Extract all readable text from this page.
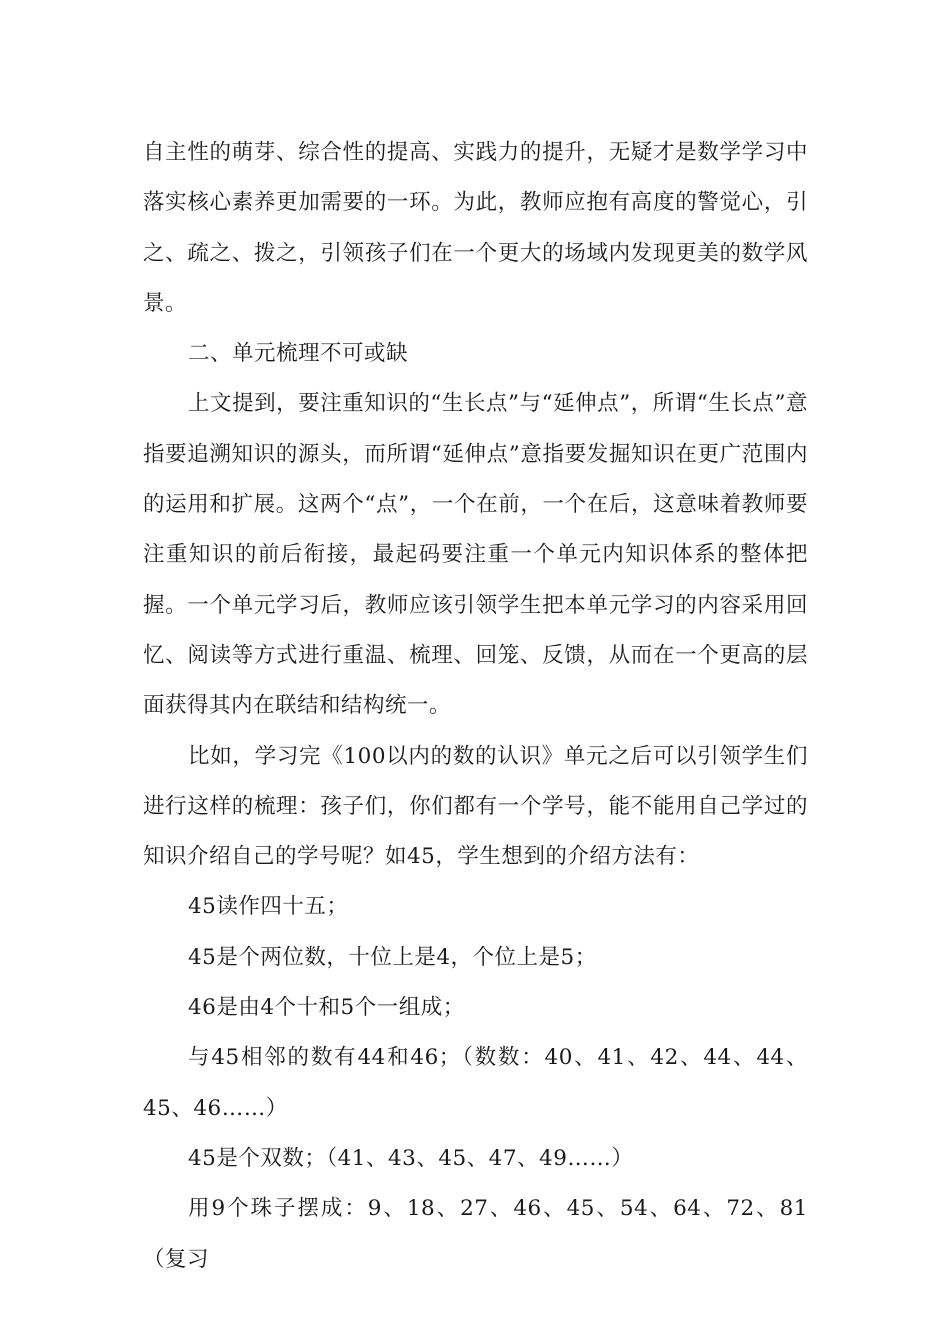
自主性的萌芽、综合性的提高、实践力的提升，无疑才是数学学习中落实核心素养更加需要的一环。为此，教师应抱有高度的警觉心，引之、疏之、拨之，引领孩子们在一个更大的场域内发现更美的数学风景。

二、单元梳理不可或缺

上文提到，要注重知识的“生长点”与“延伸点”，所谓“生长点”意指要追溯知识的源头，而所谓“延伸点”意指要发掘知识在更广范围内的运用和扩展。这两个“点”，一个在前，一个在后，这意味着教师要注重知识的前后衔接，最起码要注重一个单元内知识体系的整体把握。一个单元学习后，教师应该引领学生把本单元学习的内容采用回忆、阅读等方式进行重温、梳理、回笼、反馈，从而在一个更高的层面获得其内在联结和结构统一。

比如，学习完《100以内的数的认识》单元之后可以引领学生们进行这样的梳理：孩子们，你们都有一个学号，能不能用自己学过的知识介绍自己的学号呢？如45，学生想到的介绍方法有：

45读作四十五；

45是个两位数，十位上是4，个位上是5；

46是由4个十和5个一组成；

与45相邻的数有44和46；（数数：40、41、42、44、44、45、46……）

45是个双数；（41、43、45、47、49……）

用9个珠子摆成：9、18、27、46、45、54、64、72、81（复习
